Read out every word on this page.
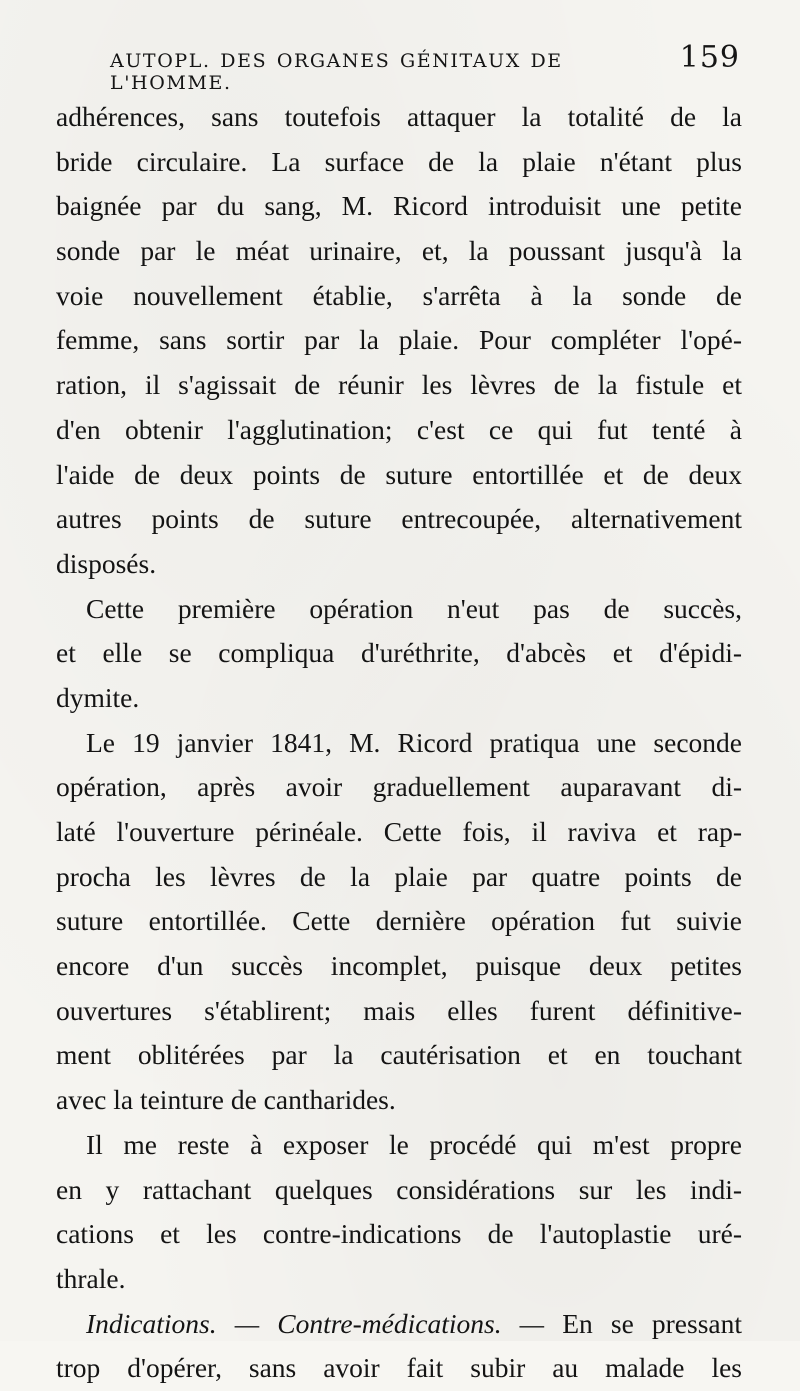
AUTOPL. DES ORGANES GÉNITAUX DE L'HOMME.
159
adhérences, sans toutefois attaquer la totalité de la
bride circulaire. La surface de la plaie n'étant plus
baignée par du sang, M. Ricord introduisit une petite
sonde par le méat urinaire, et, la poussant jusqu'à la
voie nouvellement établie, s'arrêta à la sonde de
femme, sans sortir par la plaie. Pour compléter l'opé-
ration, il s'agissait de réunir les lèvres de la fistule et
d'en obtenir l'agglutination; c'est ce qui fut tenté à
l'aide de deux points de suture entortillée et de deux
autres points de suture entrecoupée, alternativement
disposés.
Cette première opération n'eut pas de succès,
et elle se compliqua d'uréthrite, d'abcès et d'épidi-
dymite.
Le 19 janvier 1841, M. Ricord pratiqua une seconde
opération, après avoir graduellement auparavant di-
laté l'ouverture périnéale. Cette fois, il raviva et rap-
procha les lèvres de la plaie par quatre points de
suture entortillée. Cette dernière opération fut suivie
encore d'un succès incomplet, puisque deux petites
ouvertures s'établirent; mais elles furent définitive-
ment oblitérées par la cautérisation et en touchant
avec la teinture de cantharides.
Il me reste à exposer le procédé qui m'est propre
en y rattachant quelques considérations sur les indi-
cations et les contre-indications de l'autoplastie uré-
thrale.
Indications. — Contre-médications. — En se pressant
trop d'opérer, sans avoir fait subir au malade les
